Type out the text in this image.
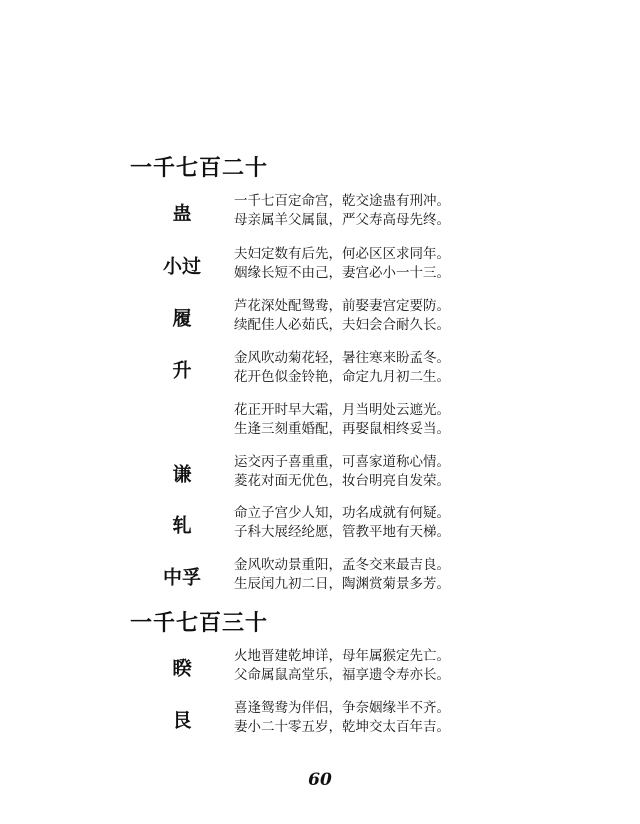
一千七百二十
蛊
一千七百定命宫，乾交途蛊有刑冲。
母亲属羊父属鼠，严父寿高母先终。
小过
夫妇定数有后先，何必区区求同年。
姻缘长短不由己，妻宫必小一十三。
履
芦花深处配鸳鸯，前娶妻宫定要防。
续配佳人必茹氏，夫妇会合耐久长。
升
金风吹动菊花轻，暑往寒来盼孟冬。
花开色似金铃艳，命定九月初二生。
花正开时早大霜，月当明处云遮光。
生逢三刻重婚配，再娶鼠相终妥当。
谦
运交丙子喜重重，可喜家道称心情。
菱花对面无优色，妆台明亮自发荣。
轧
命立子宫少人知，功名成就有何疑。
子科大展经纶愿，管教平地有天梯。
中孚
金风吹动景重阳，孟冬交来最吉良。
生辰闰九初二日，陶渊赏菊景多芳。
一千七百三十
睽
火地晋建乾坤详，母年属猴定先亡。
父命属鼠高堂乐，福享遗令寿亦长。
艮
喜逢鸳鸯为伴侣，争奈姻缘半不齐。
妻小二十零五岁，乾坤交太百年吉。
60
